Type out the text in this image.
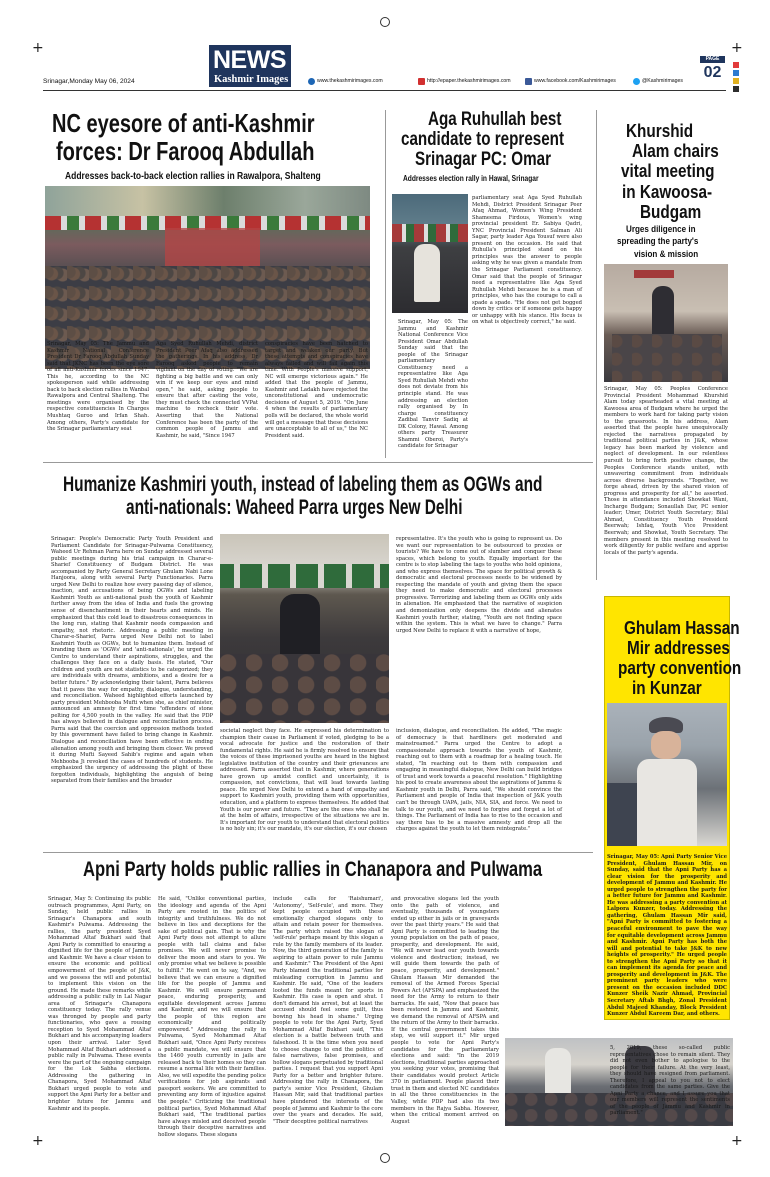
+	+
+	+
NEWS
Kashmir Images
Srinagar,Monday May 06, 2024	www.thekashmirimages.com	http://epaper.thekashmirimages.com	www.facebook.com/Kashmirimages	@Kashmirimages
PAGE
02
NC eyesore of anti-Kashmir
forces: Dr Farooq Abdullah
Addresses back-to-back election rallies in Rawalpora, Shalteng
Srinagar, May 05: The Jammu and Kashmir National Conference President Dr Farooq Abdullah Sunday said that JKNC has been the eye sore of all anti-Kashmir forces since 1947. This he, according to the NC spokesperson said while addressing back to back election rallies in Wanbal Rawalpora and Central Shalteng. The meetings were organised by the respective constituencies In Charges Mushtaq Guroo and Irfan Shah. Among others, Party's candidate for the Srinagar parliamentary seat
Aga Syed Ruhullah Mehdi, district President Peer Afaq also addressed the gatherings. In his address, Dr Farooq asked people to remain vigilant on the day of voting. "We are fighting a big battle and we can only win if we keep our eyes and mind open," he said, asking people to ensure that after casting the vote, they must check the connected VVPat machine to recheck their vote. Asserting that the National Conference has been the party of the common people of Jammu and Kashmir, he said, "Since 1947
conspiracies have been hatched to target and weaken our party. But these attempts and conspiracies have always failed and will fail again this time. With People's massive support, NC will emerge victorious again." He added that the people of Jammu, Kashmir and Ladakh have rejected the unconstitutional and undemocratic decisions of August 5, 2019. "On June 4 when the results of parliamentary polls will be declared, the whole world will get a message that these decisions are unacceptable to all of us," the NC President said.
Aga Ruhullah best
candidate to represent
Srinagar PC: Omar
Addresses election rally in Hawal, Srinagar
Srinagar, May 05: The Jammu and Kashmir National Conference Vice President Omar Abdullah Sunday said that the people of the Srinagar parliamentary Constituency need a representative like Aga Syed Ruhullah Mehdi who does not deviate from his principle stand. He was addressing an election rally organised by In charge constituency Zadibal Tanvir Sadiq at DK Colony, Hawal. Among others party Treasurer Shammi Oberoi, Party's candidate for Srinagar
parliamentary seat Aga Syed Ruhullah Mehdi, District President Srinagar Peer Afaq Ahmad, Women's Wing President Shameema Firdous, Women's wing provincial president Er. Sabiya Qadri, YNC Provincial President Salman Ali Sagar, party leader Aga Yousuf were also present on the occasion. He said that Ruhulla's principled stand on his principles was the answer to people asking why he was given a mandate from the Srinagar Parliament constituency. Omar said that the people of Srinagar need a representative like Aga Syed Ruhullah Mehdi because he is a man of principles, who has the courage to call a spade a spade. "He does not get bogged down by critics or if someone gets happy or unhappy with his stance. His focus is on what is objectively correct," he said.
Khurshid
Alam chairs
vital meeting
in Kawoosa-
Budgam
Urges diligence in
spreading the party's
vision & mission
Srinagar, May 05: Peoples Conference Provincial President Mohammad Khurshid Alam today spearheaded a vital meeting at Kawoosa area of Budgam where he urged the members to work hard for taking party vision to the grassroots. In his address, Alam asserted that the people have unequivocally rejected the narratives propagated by traditional political parties in J&K, whose legacy has been marked by violence and neglect of development. In our relentless pursuit to bring forth positive change, the Peoples Conference stands united, with unwavering commitment from individuals across diverse backgrounds. "Together, we forge ahead, driven by the shared vision of progress and prosperity for all," he asserted. Those in attendance included Showkat Wani, Incharge Budgam; Sonaullah Dar, PC senior leader; Umer, District Youth Secretary; Bilal Ahmad, Constituency Youth President Beerwah; Ishfaq, Youth Vice President Beerwah; and Showkat, Youth Secretary. The members present in this meeting resolved to work diligently for public welfare and apprise locals of the party's agenda.
Humanize Kashmiri youth, instead of labeling them as OGWs and
anti-nationals: Waheed Parra urges New Delhi
Srinagar: People's Democratic Party Youth President and Parliament Candidate for Srinagar-Pulwama Constituency, Waheed Ur Rehman Parra here on Sunday addressed several public meetings during his trial campaign in Charar-e-Sharief Constituency of Budgam District. He was accompanied by Party General Secretary Ghulam Nabi Lone Hanjoora, along with several Party Functionaries. Parra urged New Delhi to realize how every passing day of silence, inaction, and accusations of being OGWs and labeling Kashmiri Youth as anti-national push the youth of Kashmir further away from the idea of India and fuels the growing sense of disenchantment in their hearts and minds. He emphasized that this cold lead to disastrous consequences in the long run, stating that Kashmir needs compassion and empathy, not rhetoric. Addressing a public meeting in Charar-e-Sharief, Parra urged New Delhi not to label Kashmiri Youth as OGWs, but to humanize them. Instead of branding them as 'OGWs' and 'anti-nationals', he urged the Centre to understand their aspirations, struggles, and the challenges they face on a daily basis. He stated, "Our children and youth are not statistics to be categorized; they are individuals with dreams, ambitions, and a desire for a better future." By acknowledging their talent, Parra believes that it paves the way for empathy, dialogue, understanding, and reconciliation. Waheed highlighted efforts launched by party president Mehbooba Mufti when she, as chief minister, announced an amnesty for first time "offenders of stone pelting for 4,500 youth in the valley. He said that the PDP has always believed in dialogue and reconciliation process. Parra said that the coercion and oppression methods tested by this government have failed to bring change in Kashmir. Dialogue and reconciliation have been effective in ending alienation among youth and bringing them closer. We proved it during Mufti Sayeed Sahib's regime and again when Mehbooba Ji revoked the cases of hundreds of students. He emphasized the urgency of addressing the plight of these forgotten individuals, highlighting the anguish of being separated from their families and the broader
societal neglect they face. He expressed his determination to champion their cause in Parliament if voted, pledging to be a vocal advocate for justice and the restoration of their fundamental rights. He said he is firmly resolved to ensure that the voices of these imprisoned youths are heard in the highest legislative institution of the country and their grievances are addressed. Parra asserted that in Kashmir, where generations have grown up amidst conflict and uncertainty, it is compassion, not convictions, that will lead towards lasting peace. He urged New Delhi to extend a hand of empathy and support to Kashmiri youth, providing them with opportunities, education, and a platform to express themselves. He added that Youth is our power and future. "They are the ones who shall be at the helm of affairs, irrespective of the situations we are in. It's important for our youth to understand that electoral politics is no holy sin; it's our mandate, it's our election, it's our chosen
representative. It's the youth who is going to represent us. Do we want our representation to be outsourced to proxies or tourists? We have to come out of slumber and conquer these spaces, which belong to youth. Equally important for the centre is to stop labeling the tags to youths who hold opinions, and who express themselves. The space for political growth & democratic and electoral processes needs to be widened by respecting the mandate of youth and giving them the space they need to make democratic and electoral processes progressive. Terrorizing and labeling them as OGWs only aids in alienation. He emphasized that the narrative of suspicion and demonization only deepens the divide and alienates Kashmiri youth further, stating, "Youth are not finding space within the system. This is what we have to change." Parra urged New Delhi to replace it with a narrative of hope,
inclusion, dialogue, and reconciliation. He added, "The magic of democracy is that hardliners get moderated and mainstreamed." Parra urged the Centre to adopt a compassionate approach towards the youth of Kashmir, reaching out to them with a roadmap for a healing touch. He stated, "In reaching out to them with compassion and engaging in meaningful dialogue, New Delhi can build bridges of trust and work towards a peaceful resolution." Highlighting his pool to create awareness about the aspirations of Jammu & Kashmir youth in Delhi, Parra said, "We should convince the Parliament and people of India that inspection of J&K youth can't be through UAPA, jails, NIA, SIA, and force. We need to talk to our youth, and we need to forgive and forget a lot of things. The Parliament of India has to rise to the occasion and say there has to be a massive amnesty and drop all the charges against the youth to let them reintegrate."
Ghulam Hassan
Mir addresses
party convention
in Kunzar
Srinagar, May 05: Apni Party Senior Vice President, Ghulam Hassan Mir, on Sunday, said that the Apni Party has a clear vision for the prosperity and development of Jammu and Kashmir. He urged people to strengthen the party for a better future for Jammu and Kashmir. He was addressing a party convention at Lalpora Kunzer, today. Addressing the gathering, Ghulam Hassan Mir said, "Apni Party is committed to fostering a peaceful environment to pave the way for equitable development across Jammu and Kashmir. Apni Party has both the will and potential to take J&K to new heights of prosperity." He urged people to strengthen the Apni Party so that it can implement its agenda for peace and prosperity and development in J&K. The prominent party leaders who were present on the occasion included DDC Kunzer Sheik Nazir Ahmad, Provincial Secretary Aftab Bhgh, Zonal President Abdul Majeed Khanday, Block President Kunzer Abdul Kareem Dar, and others.
Apni Party holds public rallies in Chanapora and Pulwama
Srinagar, May 5: Continuing its public outreach programmes, Apni Party, on Sunday, held public rallies in Srinagar's Chanapora and south Kashmir's Pulwama. Addressing the rallies, the party president Syed Mohammad Altaf Bukhari said that Apni Party is committed to ensuring a dignified life for the people of Jammu and Kashmir. We have a clear vision to ensure the economic and political empowerment of the people of J&K, and we possess the will and potential to implement this vision on the ground. He made these remarks while addressing a public rally in Lal Nagar area of Srinagar's Chanapora constituency today. The rally venue was thronged by people and party functionaries, who gave a rousing reception to Syed Mohammad Altaf Bukhari and his accompanying leaders upon their arrival. Later Syed Mohammad Altaf Bukhari addressed a public rally in Pulwama. These events were the part of the ongoing campaign for the Lok Sabha elections. Addressing the gathering in Chanapora, Syed Mohammad Altaf Bukhari urged people to vote and support the Apni Party for a better and brighter future for Jammu and Kashmir and its people.
He said, "Unlike conventional parties, the ideology and agenda of the Apni Party are rooted in the politics of integrity and truthfulness. We do not believe in lies and deceptions for the sake of political gain. That is why the Apni Party does not attempt to allure people with tall claims and false promises. We will never promise to deliver the moon and stars to you. We only promise what we believe is possible to fulfill." He went on to say, "And, we believe that we can ensure a dignified life for the people of Jammu and Kashmir. We will ensure permanent peace, enduring prosperity, and equitable development across Jammu and Kashmir, and we will ensure that the people of this region are economically and politically empowered." Addressing the rally in Pulwama, Syed Mohammad Altaf Bukhari said, "Once Apni Party receives a public mandate, we will ensure that the 1460 youth currently in jails are released back to their homes so they can resume a normal life with their families. Also, we will expedite the pending police verifications for job aspirants and passport seekers. We are committed to preventing any form of injustice against the people." Criticizing the traditional political parties, Syed Mohammad Altaf Bukhari said, "The traditional parties have always misled and deceived people through their deceptive narratives and hollow slogans. These slogans
include calls for 'Raishumari', 'Autonomy', 'Self-rule', and more. They kept people occupied with these emotionally charged slogans only to attain and retain power for themselves. The party which raised the slogan of 'self-rule' perhaps meant by this slogan a rule by the family members of its leader. Now, the third generation of the family is aspiring to attain power to rule Jammu and Kashmir." The President of the Apni Party blamed the traditional parties for misleading corruption in Jammu and Kashmir. He said, "One of the leaders looted the funds meant for sports in Kashmir. His case is open and shut. I don't demand his arrest, but at least the accused should feel some guilt, thus bowing his head in shame." Urging people to vote for the Apni Party, Syed Mohammad Altaf Bukhari said, "This election is a battle between truth and falsehood. It is the time when you need to choose change to end the politics of false narratives, false promises, and hollow slogans perpetuated by traditional parties. I request that you support Apni Party for a better and brighter future. Addressing the rally in Chanapora, the party's senior Vice President, Ghulam Hassan Mir, said that traditional parties have plundered the interests of the people of Jammu and Kashmir to the core over the years and decades. He said, "Their deceptive political narratives
and provocative slogans led the youth onto the path of violence, and eventually, thousands of youngsters ended up either in jails or in graveyards over the past thirty years." He said that Apni Party is committed to leading the young population on the path of peace, prosperity, and development. He said, "We will never lead our youth towards violence and destruction; instead, we will guide them towards the path of peace, prosperity, and development." Ghulam Hassan Mir demanded the removal of the Armed Forces Special Powers Act (AFSPA) and emphasized the need for the Army to return to their barracks. He said, "Now that peace has been restored in Jammu and Kashmir, we demand the removal of AFSPA and the return of the Army to their barracks. If the central government takes this step, we will support it." Mir urged people to vote for Apni Party's candidates for the parliamentary elections and said: "In the 2019 elections, traditional parties approached you seeking your votes, promising that their candidates would protect Article 370 in parliament. People placed their trust in them and elected NC candidates in all the three constituencies in the Valley, while PDP had also its two members in the Rajya Sabha. However, when the critical moment arrived on August
5, 2019, these so-called public representatives chose to remain silent. They did not even bother to apologise to the people for their failure. At the very least, they should have resigned from parliament. Therefore, I appeal to you not to elect candidates from the same parties. Give the Apni Party a chance, and I assure you that our members will represent the sentiments of the people of Jammu and Kashmir in parliament."
